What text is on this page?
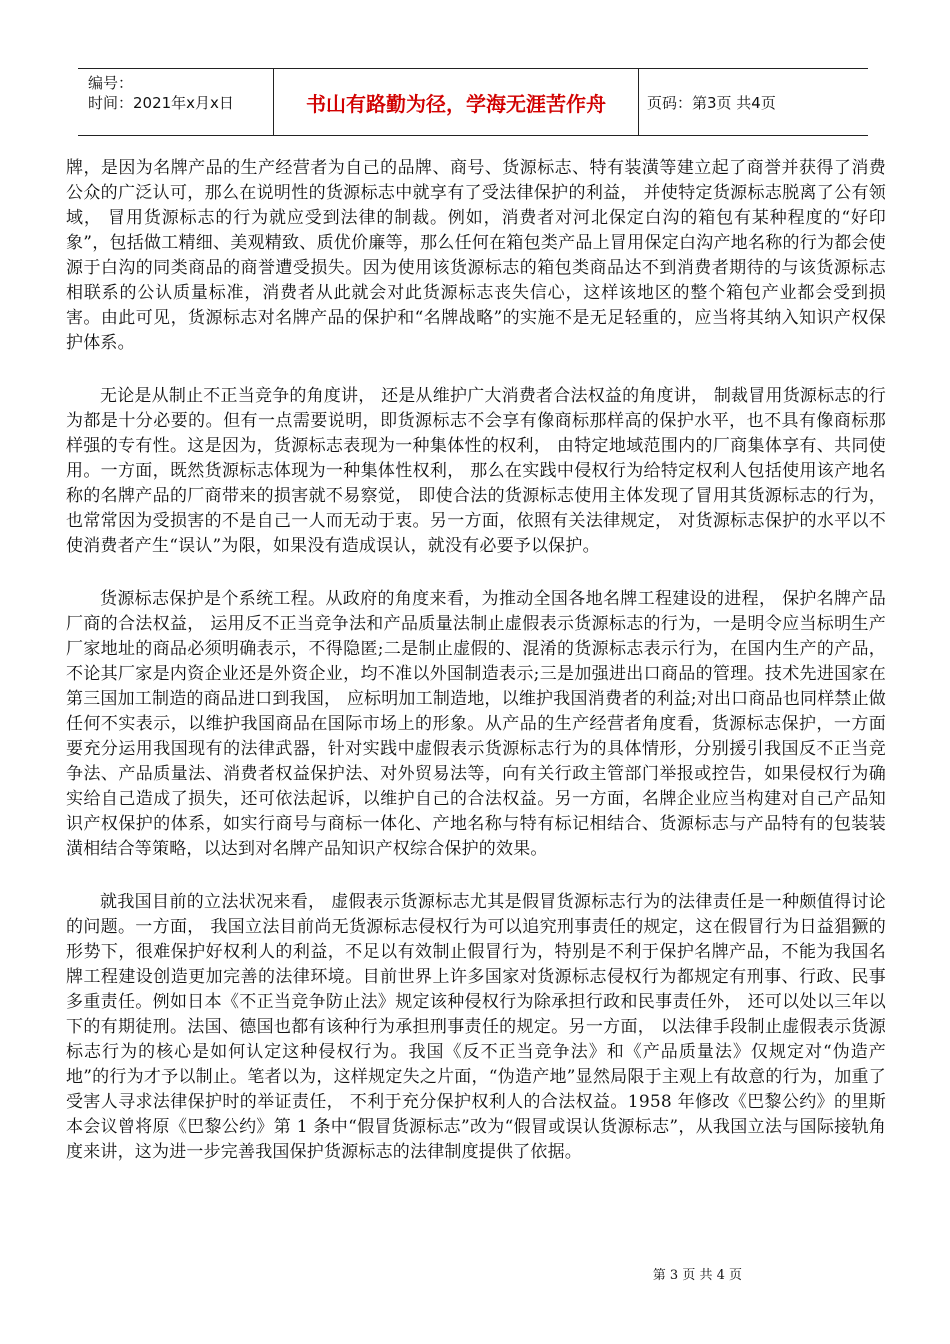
编号：
时间：2021年x月x日	书山有路勤为径，学海无涯苦作舟	页码：第3页 共4页

牌，是因为名牌产品的生产经营者为自己的品牌、商号、货源标志、特有装潢等建立起了商誉并获得了消费公众的广泛认可，那么在说明性的货源标志中就享有了受法律保护的利益， 并使特定货源标志脱离了公有领域， 冒用货源标志的行为就应受到法律的制裁。例如，消费者对河北保定白沟的箱包有某种程度的“好印象”，包括做工精细、美观精致、质优价廉等，那么任何在箱包类产品上冒用保定白沟产地名称的行为都会使源于白沟的同类商品的商誉遭受损失。因为使用该货源标志的箱包类商品达不到消费者期待的与该货源标志相联系的公认质量标准，消费者从此就会对此货源标志丧失信心，这样该地区的整个箱包产业都会受到损害。由此可见，货源标志对名牌产品的保护和“名牌战略”的实施不是无足轻重的，应当将其纳入知识产权保护体系。

无论是从制止不正当竞争的角度讲， 还是从维护广大消费者合法权益的角度讲， 制裁冒用货源标志的行为都是十分必要的。但有一点需要说明，即货源标志不会享有像商标那样高的保护水平，也不具有像商标那样强的专有性。这是因为，货源标志表现为一种集体性的权利， 由特定地域范围内的厂商集体享有、共同使用。一方面，既然货源标志体现为一种集体性权利， 那么在实践中侵权行为给特定权利人包括使用该产地名称的名牌产品的厂商带来的损害就不易察觉， 即使合法的货源标志使用主体发现了冒用其货源标志的行为， 也常常因为受损害的不是自己一人而无动于衷。另一方面，依照有关法律规定， 对货源标志保护的水平以不使消费者产生“误认”为限，如果没有造成误认，就没有必要予以保护。

货源标志保护是个系统工程。从政府的角度来看，为推动全国各地名牌工程建设的进程， 保护名牌产品厂商的合法权益， 运用反不正当竞争法和产品质量法制止虚假表示货源标志的行为，一是明令应当标明生产厂家地址的商品必须明确表示，不得隐匿;二是制止虚假的、混淆的货源标志表示行为，在国内生产的产品，不论其厂家是内资企业还是外资企业，均不准以外国制造表示;三是加强进出口商品的管理。技术先进国家在第三国加工制造的商品进口到我国， 应标明加工制造地，以维护我国消费者的利益;对出口商品也同样禁止做任何不实表示，以维护我国商品在国际市场上的形象。从产品的生产经营者角度看，货源标志保护，一方面要充分运用我国现有的法律武器，针对实践中虚假表示货源标志行为的具体情形，分别援引我国反不正当竞争法、产品质量法、消费者权益保护法、对外贸易法等，向有关行政主管部门举报或控告，如果侵权行为确实给自己造成了损失，还可依法起诉，以维护自己的合法权益。另一方面，名牌企业应当构建对自己产品知识产权保护的体系，如实行商号与商标一体化、产地名称与特有标记相结合、货源标志与产品特有的包装装潢相结合等策略，以达到对名牌产品知识产权综合保护的效果。

就我国目前的立法状况来看， 虚假表示货源标志尤其是假冒货源标志行为的法律责任是一种颇值得讨论的问题。一方面， 我国立法目前尚无货源标志侵权行为可以追究刑事责任的规定，这在假冒行为日益猖獗的形势下，很难保护好权利人的利益，不足以有效制止假冒行为，特别是不利于保护名牌产品，不能为我国名牌工程建设创造更加完善的法律环境。目前世界上许多国家对货源标志侵权行为都规定有刑事、行政、民事多重责任。例如日本《不正当竞争防止法》规定该种侵权行为除承担行政和民事责任外， 还可以处以三年以下的有期徒刑。法国、德国也都有该种行为承担刑事责任的规定。另一方面， 以法律手段制止虚假表示货源标志行为的核心是如何认定这种侵权行为。我国《反不正当竞争法》和《产品质量法》仅规定对“伪造产地”的行为才予以制止。笔者以为，这样规定失之片面，“伪造产地”显然局限于主观上有故意的行为，加重了受害人寻求法律保护时的举证责任， 不利于充分保护权利人的合法权益。1958 年修改《巴黎公约》的里斯本会议曾将原《巴黎公约》第 1 条中“假冒货源标志”改为“假冒或误认货源标志”，从我国立法与国际接轨角度来讲，这为进一步完善我国保护货源标志的法律制度提供了依据。

第 3 页 共 4 页
